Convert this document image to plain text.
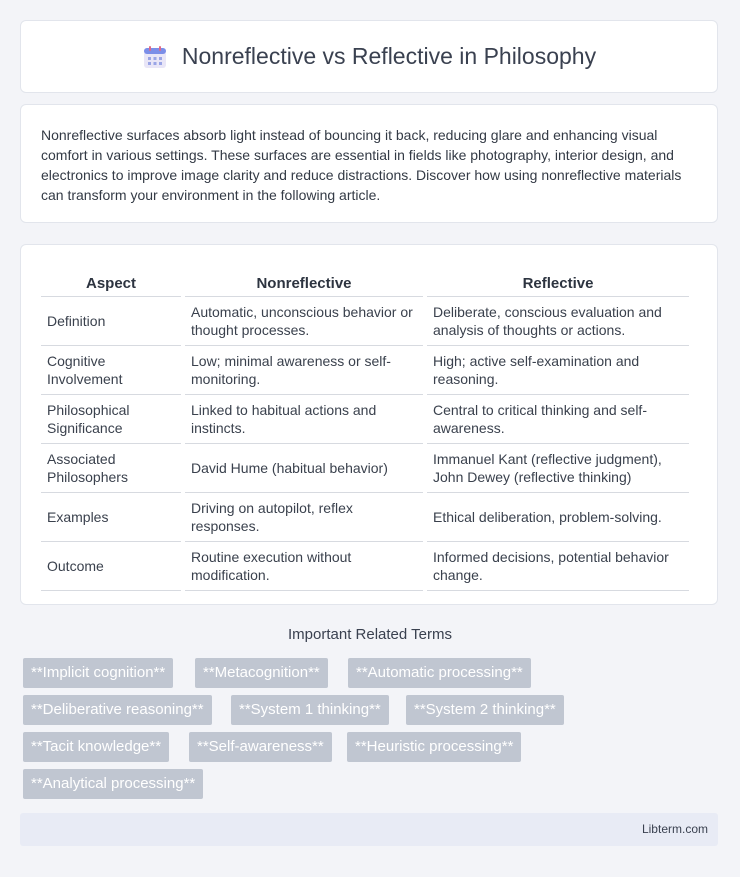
Nonreflective vs Reflective in Philosophy
Nonreflective surfaces absorb light instead of bouncing it back, reducing glare and enhancing visual comfort in various settings. These surfaces are essential in fields like photography, interior design, and electronics to improve image clarity and reduce distractions. Discover how using nonreflective materials can transform your environment in the following article.
Aspect	Nonreflective	Reflective
Definition	Automatic, unconscious behavior or thought processes.	Deliberate, conscious evaluation and analysis of thoughts or actions.
Cognitive Involvement	Low; minimal awareness or self-monitoring.	High; active self-examination and reasoning.
Philosophical Significance	Linked to habitual actions and instincts.	Central to critical thinking and self-awareness.
Associated Philosophers	David Hume (habitual behavior)	Immanuel Kant (reflective judgment), John Dewey (reflective thinking)
Examples	Driving on autopilot, reflex responses.	Ethical deliberation, problem-solving.
Outcome	Routine execution without modification.	Informed decisions, potential behavior change.
Important Related Terms
**Implicit cognition**	**Metacognition**	**Automatic processing**
**Deliberative reasoning**	**System 1 thinking**	**System 2 thinking**
**Tacit knowledge**	**Self-awareness**	**Heuristic processing**
**Analytical processing**
Libterm.com
